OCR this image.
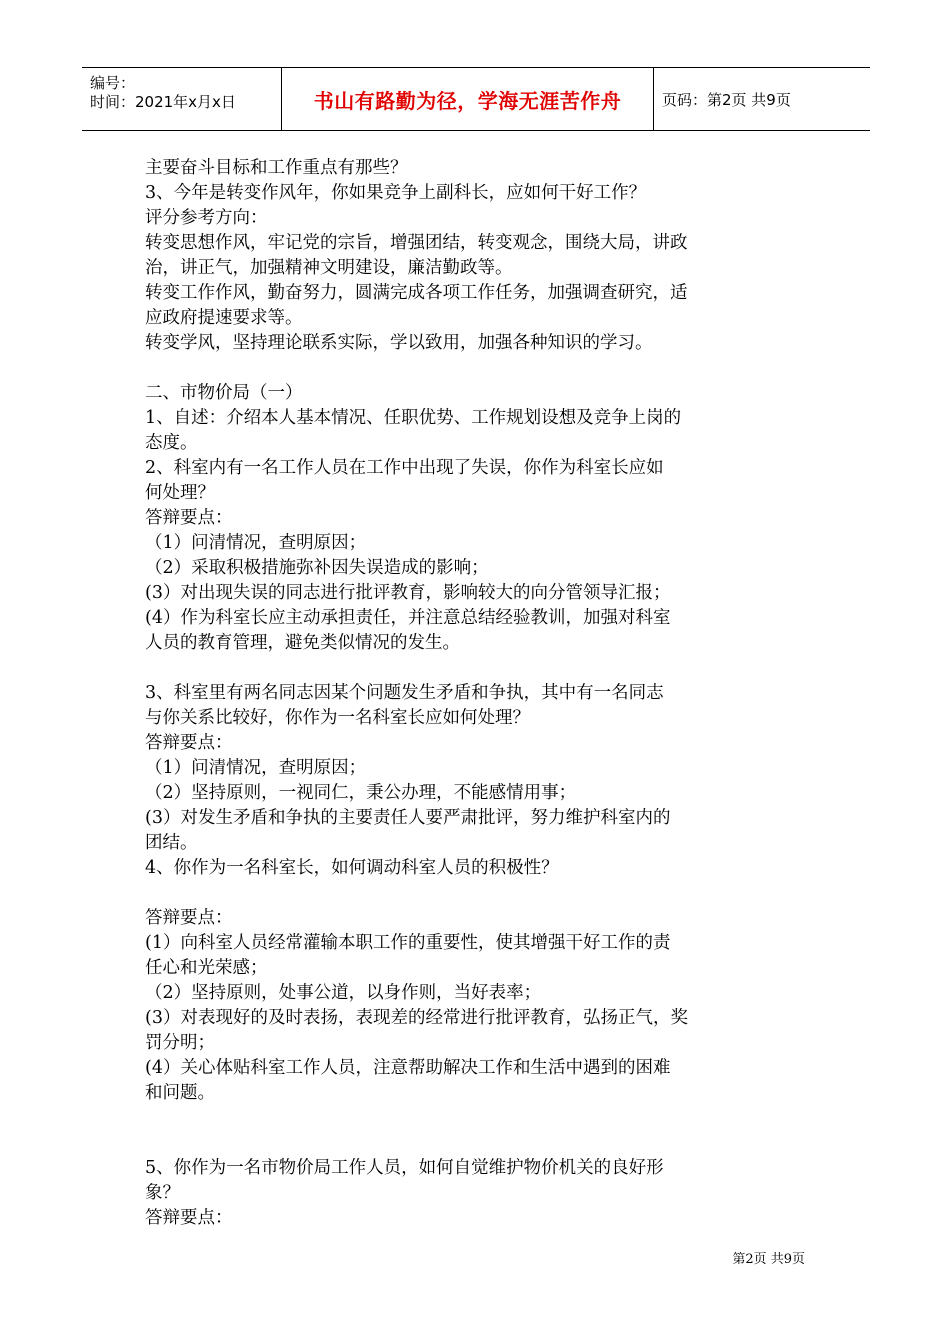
编号：
时间：2021年x月x日	书山有路勤为径，学海无涯苦作舟	页码：第2页 共9页
主要奋斗目标和工作重点有那些？
3、今年是转变作风年，你如果竞争上副科长，应如何干好工作？
评分参考方向：
转变思想作风，牢记党的宗旨，增强团结，转变观念，围绕大局，讲政
治，讲正气，加强精神文明建设，廉洁勤政等。
转变工作作风，勤奋努力，圆满完成各项工作任务，加强调查研究，适
应政府提速要求等。
转变学风，坚持理论联系实际，学以致用，加强各种知识的学习。
二、市物价局（一）
1、自述：介绍本人基本情况、任职优势、工作规划设想及竞争上岗的
态度。
2、科室内有一名工作人员在工作中出现了失误，你作为科室长应如
何处理？
答辩要点：
（1）问清情况，查明原因；
（2）采取积极措施弥补因失误造成的影响；
(3）对出现失误的同志进行批评教育，影响较大的向分管领导汇报；
(4）作为科室长应主动承担责任，并注意总结经验教训，加强对科室
人员的教育管理，避免类似情况的发生。
3、科室里有两名同志因某个问题发生矛盾和争执，其中有一名同志
与你关系比较好，你作为一名科室长应如何处理？
答辩要点：
（1）问清情况，查明原因；
（2）坚持原则，一视同仁，秉公办理，不能感情用事；
(3）对发生矛盾和争执的主要责任人要严肃批评，努力维护科室内的
团结。
4、你作为一名科室长，如何调动科室人员的积极性？
答辩要点：
(1）向科室人员经常灌输本职工作的重要性，使其增强干好工作的责
任心和光荣感；
（2）坚持原则，处事公道，以身作则，当好表率；
(3）对表现好的及时表扬，表现差的经常进行批评教育，弘扬正气，奖
罚分明；
(4）关心体贴科室工作人员，注意帮助解决工作和生活中遇到的困难
和问题。
5、你作为一名市物价局工作人员，如何自觉维护物价机关的良好形
象？
答辩要点：
第2页 共9页
